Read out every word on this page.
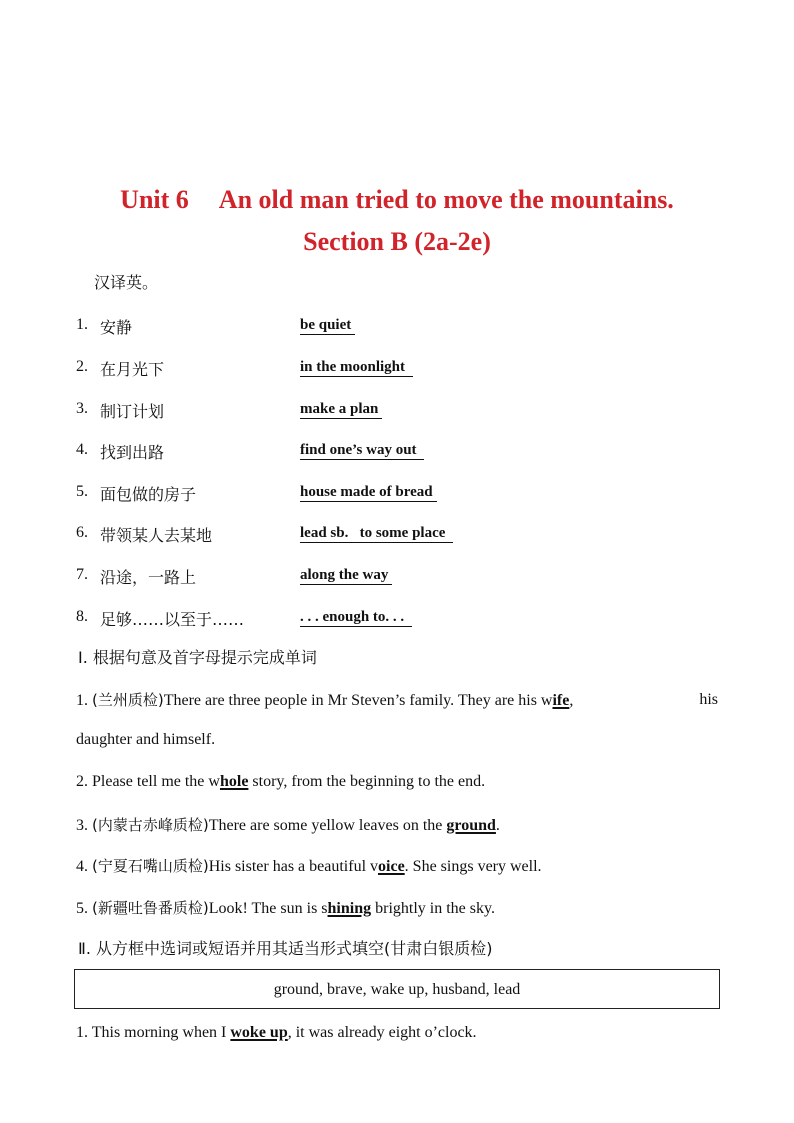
Unit 6 An old man tried to move the mountains.
Section B (2a-2e)
汉译英。
1. 安静	be quiet
2. 在月光下	in the moonlight
3. 制订计划	make a plan
4. 找到出路	find one’s way out
5. 面包做的房子	house made of bread
6. 带领某人去某地	lead sb.   to some place
7. 沿途，一路上	along the way
8. 足够……以至于……	. . . enough to. . .
Ⅰ. 根据句意及首字母提示完成单词
1. (兰州质检)There are three people in Mr Steven’s family. They are his wife,	his
daughter and himself.
2. Please tell me the whole story, from the beginning to the end.
3. (内蒙古赤峰质检)There are some yellow leaves on the ground.
4. (宁夏石嘴山质检)His sister has a beautiful voice. She sings very well.
5. (新疆吐鲁番质检)Look! The sun is shining brightly in the sky.
Ⅱ. 从方框中选词或短语并用其适当形式填空(甘肃白银质检)
ground, brave, wake up, husband, lead
1. This morning when I woke up, it was already eight o’clock.
